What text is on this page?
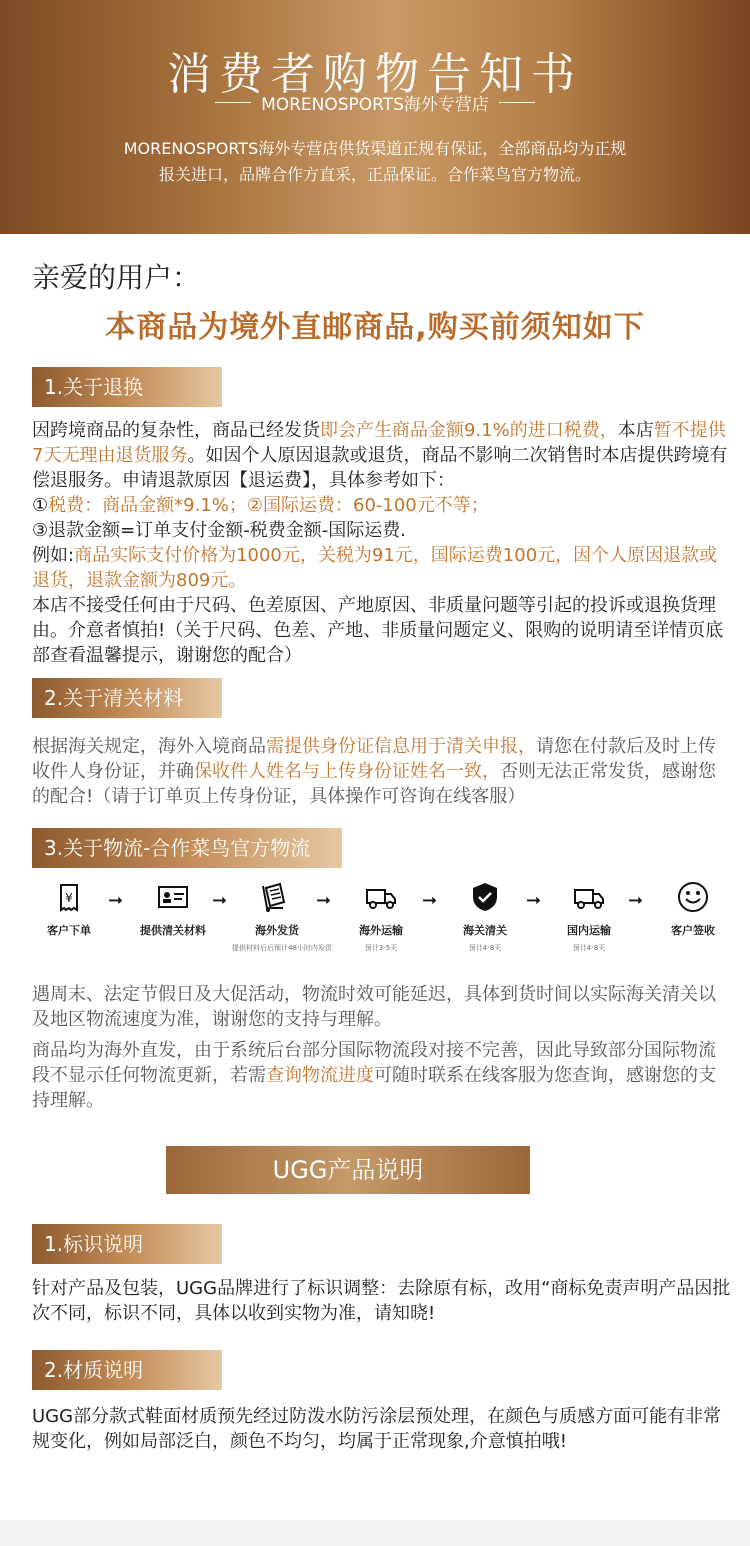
消费者购物告知书
MORENOSPORTS海外专营店
MORENOSPORTS海外专营店供货渠道正规有保证，全部商品均为正规
报关进口，品牌合作方直采，正品保证。合作菜鸟官方物流。
亲爱的用户：
本商品为境外直邮商品,购买前须知如下
1.关于退换
因跨境商品的复杂性，商品已经发货即会产生商品金额9.1%的进口税费，本店暂不提供7天无理由退货服务。如因个人原因退款或退货，商品不影响二次销售时本店提供跨境有偿退服务。申请退款原因【退运费】，具体参考如下：
①税费：商品金额*9.1%；②国际运费：60-100元不等；
③退款金额=订单支付金额-税费金额-国际运费.
例如:商品实际支付价格为1000元，关税为91元，国际运费100元，因个人原因退款或退货，退款金额为809元。
本店不接受任何由于尺码、色差原因、产地原因、非质量问题等引起的投诉或退换货理由。介意者慎拍!（关于尺码、色差、产地、非质量问题定义、限购的说明请至详情页底部查看温馨提示，谢谢您的配合）
2.关于清关材料
根据海关规定，海外入境商品需提供身份证信息用于清关申报，请您在付款后及时上传收件人身份证，并确保收件人姓名与上传身份证姓名一致，否则无法正常发货，感谢您的配合!（请于订单页上传身份证，具体操作可咨询在线客服）
3.关于物流-合作菜鸟官方物流
¥
客户下单
➞
提供清关材料
➞
海外发货
提供材料后后预计48小时内发货
➞
海外运输
预计3-5天
➞
海关清关
预计4-8天
➞
国内运输
预计4-8天
➞
客户签收
遇周末、法定节假日及大促活动，物流时效可能延迟，具体到货时间以实际海关清关以及地区物流速度为准，谢谢您的支持与理解。
商品均为海外直发，由于系统后台部分国际物流段对接不完善，因此导致部分国际物流段不显示任何物流更新，若需查询物流进度可随时联系在线客服为您查询，感谢您的支持理解。
UGG产品说明
1.标识说明
针对产品及包装，UGG品牌进行了标识调整：去除原有标，改用“商标免责声明产品因批次不同，标识不同，具体以收到实物为准，请知晓!
2.材质说明
UGG部分款式鞋面材质预先经过防泼水防污涂层预处理，在颜色与质感方面可能有非常规变化，例如局部泛白，颜色不均匀，均属于正常现象,介意慎拍哦!
